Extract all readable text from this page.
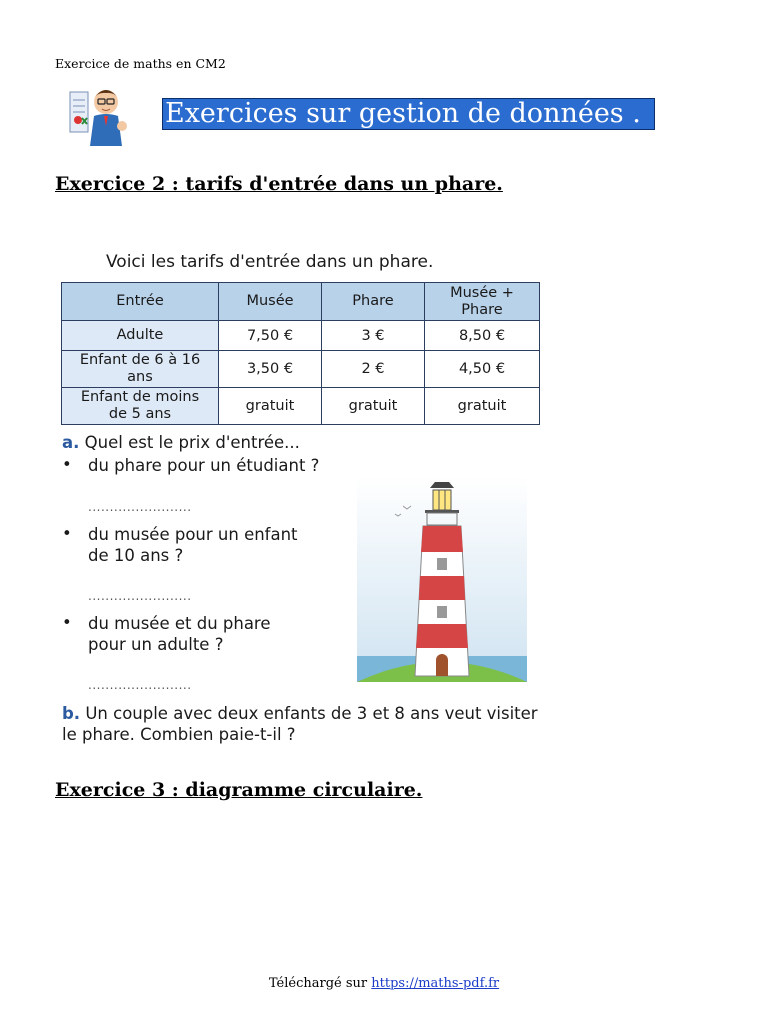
Exercice de maths en CM2
Exercices sur gestion de données .
Exercice 2 : tarifs d'entrée dans un phare.
Voici les tarifs d'entrée dans un phare.
Entrée	Musée	Phare	Musée + Phare
Adulte	7,50 €	3 €	8,50 €
Enfant de 6 à 16 ans	3,50 €	2 €	4,50 €
Enfant de moins de 5 ans	gratuit	gratuit	gratuit
a. Quel est le prix d'entrée...
• du phare pour un étudiant ?
........................
• du musée pour un enfant
de 10 ans ?
........................
• du musée et du phare
pour un adulte ?
........................
b. Un couple avec deux enfants de 3 et 8 ans veut visiter le phare. Combien paie-t-il ?
Exercice 3 : diagramme circulaire.
Téléchargé sur https://maths-pdf.fr
